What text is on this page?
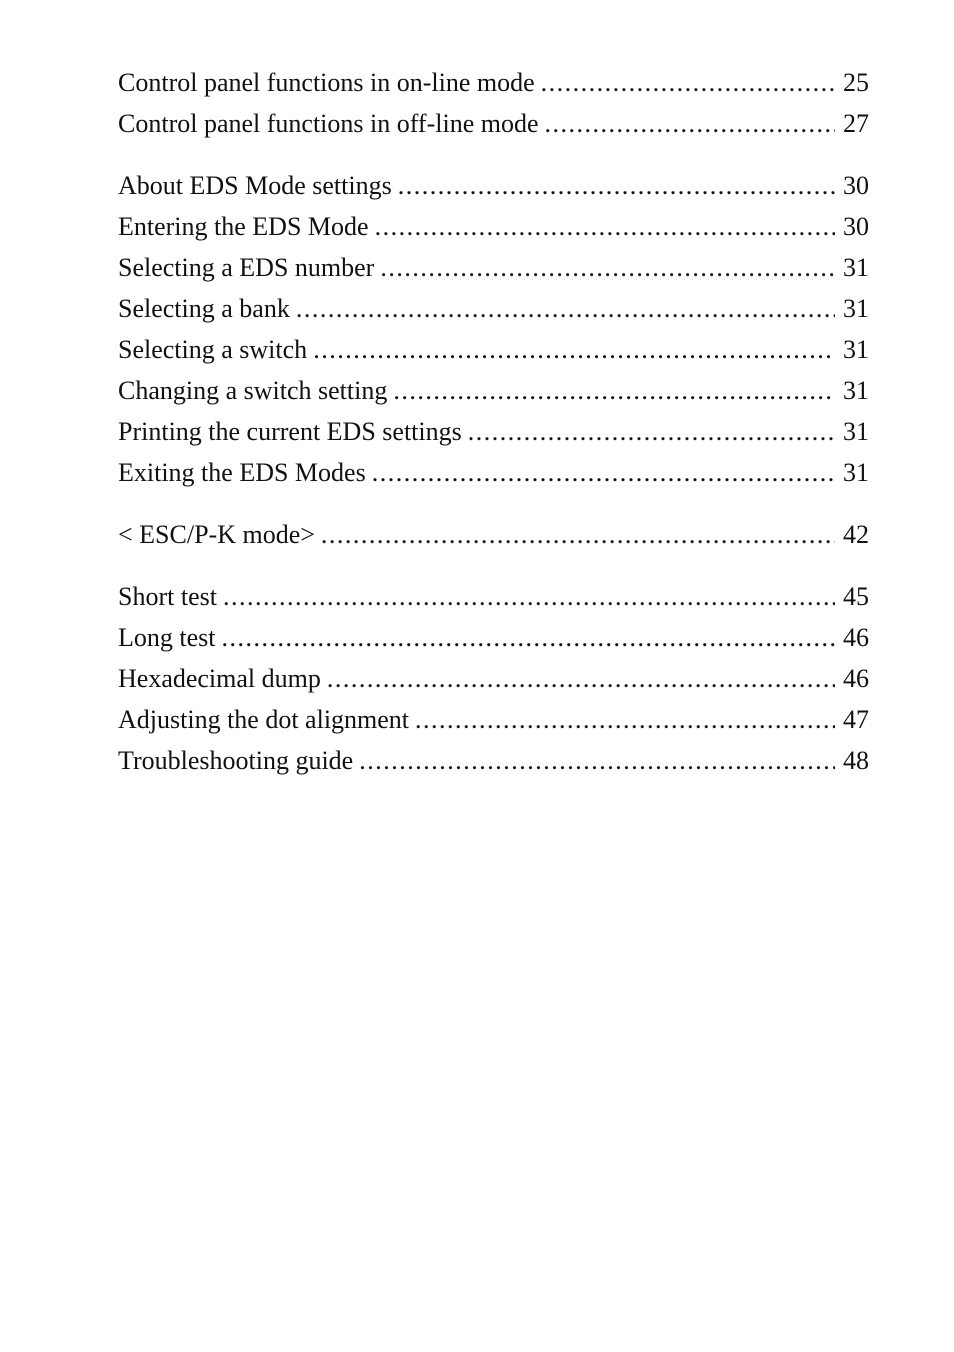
Control panel functions in on-line mode .....	25
Control panel functions in off-line mode .....	27
About EDS Mode settings .....	30
Entering the EDS Mode .....	30
Selecting a EDS number .....	31
Selecting a bank .....	31
Selecting a switch .....	31
Changing a switch setting .....	31
Printing the current EDS settings .....	31
Exiting the EDS Modes .....	31
< ESC/P-K mode> .....	42
Short test .....	45
Long test .....	46
Hexadecimal dump .....	46
Adjusting the dot alignment .....	47
Troubleshooting guide .....	48
